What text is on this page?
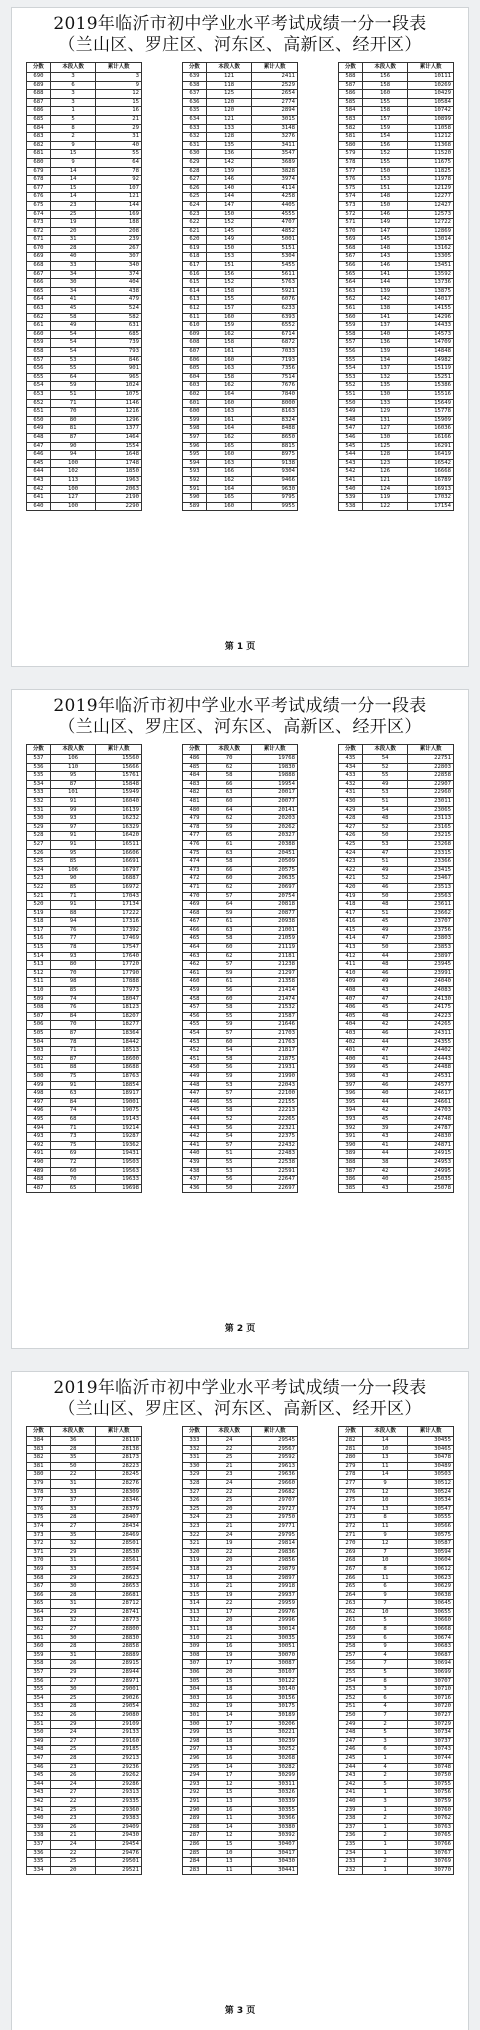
2019年临沂市初中学业水平考试成绩一分一段表
（兰山区、罗庄区、河东区、高新区、经开区）
分数	本段人数	累计人数
690	3	3
689	6	9
688	3	12
687	3	15
686	1	16
685	5	21
684	8	29
683	2	31
682	9	40
681	15	55
680	9	64
679	14	78
678	14	92
677	15	107
676	14	121
675	23	144
674	25	169
673	19	188
672	20	208
671	31	239
670	28	267
669	40	307
668	33	340
667	34	374
666	30	404
665	34	438
664	41	479
663	45	524
662	58	582
661	49	631
660	54	685
659	54	739
658	54	793
657	53	846
656	55	901
655	64	965
654	59	1024
653	51	1075
652	71	1146
651	70	1216
650	80	1296
649	81	1377
648	87	1464
647	90	1554
646	94	1648
645	100	1748
644	102	1850
643	113	1963
642	100	2063
641	127	2190
640	100	2290
分数	本段人数	累计人数
639	121	2411
638	118	2529
637	125	2654
636	120	2774
635	120	2894
634	121	3015
633	133	3148
632	128	3276
631	135	3411
630	136	3547
629	142	3689
628	139	3828
627	146	3974
626	140	4114
625	144	4258
624	147	4405
623	150	4555
622	152	4707
621	145	4852
620	149	5001
619	150	5151
618	153	5304
617	151	5455
616	156	5611
615	152	5763
614	158	5921
613	155	6076
612	157	6233
611	160	6393
610	159	6552
609	162	6714
608	158	6872
607	161	7033
606	160	7193
605	163	7356
604	158	7514
603	162	7676
602	164	7840
601	160	8000
600	163	8163
599	161	8324
598	164	8488
597	162	8650
596	165	8815
595	160	8975
594	163	9138
593	166	9304
592	162	9466
591	164	9630
590	165	9795
589	160	9955
分数	本段人数	累计人数
588	156	10111
587	158	10269
586	160	10429
585	155	10584
584	158	10742
583	157	10899
582	159	11058
581	154	11212
580	156	11368
579	152	11520
578	155	11675
577	150	11825
576	153	11978
575	151	12129
574	148	12277
573	150	12427
572	146	12573
571	149	12722
570	147	12869
569	145	13014
568	148	13162
567	143	13305
566	146	13451
565	141	13592
564	144	13736
563	139	13875
562	142	14017
561	138	14155
560	141	14296
559	137	14433
558	140	14573
557	136	14709
556	139	14848
555	134	14982
554	137	15119
553	132	15251
552	135	15386
551	130	15516
550	133	15649
549	129	15778
548	131	15909
547	127	16036
546	130	16166
545	125	16291
544	128	16419
543	123	16542
542	126	16668
541	121	16789
540	124	16913
539	119	17032
538	122	17154
第 1 页
2019年临沂市初中学业水平考试成绩一分一段表
（兰山区、罗庄区、河东区、高新区、经开区）
分数	本段人数	累计人数
537	106	15560
536	110	15666
535	95	15761
534	87	15848
533	101	15949
532	91	16040
531	99	16139
530	93	16232
529	97	16329
528	91	16420
527	91	16511
526	95	16606
525	85	16691
524	106	16797
523	90	16887
522	85	16972
521	71	17043
520	91	17134
519	88	17222
518	94	17316
517	76	17392
516	77	17469
515	78	17547
514	93	17640
513	80	17720
512	70	17790
511	98	17888
510	85	17973
509	74	18047
508	76	18123
507	84	18207
506	70	18277
505	87	18364
504	78	18442
503	71	18513
502	87	18600
501	88	18688
500	75	18763
499	91	18854
498	63	18917
497	84	19001
496	74	19075
495	68	19143
494	71	19214
493	73	19287
492	75	19362
491	69	19431
490	72	19503
489	60	19563
488	70	19633
487	65	19698
分数	本段人数	累计人数
486	70	19768
485	62	19830
484	58	19888
483	66	19954
482	63	20017
481	60	20077
480	64	20141
479	62	20203
478	59	20262
477	65	20327
476	61	20388
475	63	20451
474	58	20509
473	66	20575
472	60	20635
471	62	20697
470	57	20754
469	64	20818
468	59	20877
467	61	20938
466	63	21001
465	58	21059
464	60	21119
463	62	21181
462	57	21238
461	59	21297
460	61	21358
459	56	21414
458	60	21474
457	58	21532
456	55	21587
455	59	21646
454	57	21703
453	60	21763
452	54	21817
451	58	21875
450	56	21931
449	59	21990
448	53	22043
447	57	22100
446	55	22155
445	58	22213
444	52	22265
443	56	22321
442	54	22375
441	57	22432
440	51	22483
439	55	22538
438	53	22591
437	56	22647
436	50	22697
分数	本段人数	累计人数
435	54	22751
434	52	22803
433	55	22858
432	49	22907
431	53	22960
430	51	23011
429	54	23065
428	48	23113
427	52	23165
426	50	23215
425	53	23268
424	47	23315
423	51	23366
422	49	23415
421	52	23467
420	46	23513
419	50	23563
418	48	23611
417	51	23662
416	45	23707
415	49	23756
414	47	23803
413	50	23853
412	44	23897
411	48	23945
410	46	23991
409	49	24040
408	43	24083
407	47	24130
406	45	24175
405	48	24223
404	42	24265
403	46	24311
402	44	24355
401	47	24402
400	41	24443
399	45	24488
398	43	24531
397	46	24577
396	40	24617
395	44	24661
394	42	24703
393	45	24748
392	39	24787
391	43	24830
390	41	24871
389	44	24915
388	38	24953
387	42	24995
386	40	25035
385	43	25078
第 2 页
2019年临沂市初中学业水平考试成绩一分一段表
（兰山区、罗庄区、河东区、高新区、经开区）
分数	本段人数	累计人数
384	36	28110
383	28	28138
382	35	28173
381	50	28223
380	22	28245
379	31	28276
378	33	28309
377	37	28346
376	33	28379
375	28	28407
374	27	28434
373	35	28469
372	32	28501
371	29	28530
370	31	28561
369	33	28594
368	29	28623
367	30	28653
366	28	28681
365	31	28712
364	29	28741
363	32	28773
362	27	28800
361	30	28830
360	28	28858
359	31	28889
358	26	28915
357	29	28944
356	27	28971
355	30	29001
354	25	29026
353	28	29054
352	26	29080
351	29	29109
350	24	29133
349	27	29160
348	25	29185
347	28	29213
346	23	29236
345	26	29262
344	24	29286
343	27	29313
342	22	29335
341	25	29360
340	23	29383
339	26	29409
338	21	29430
337	24	29454
336	22	29476
335	25	29501
334	20	29521
分数	本段人数	累计人数
333	24	29545
332	22	29567
331	25	29592
330	21	29613
329	23	29636
328	24	29660
327	22	29682
326	25	29707
325	20	29727
324	23	29750
323	21	29771
322	24	29795
321	19	29814
320	22	29836
319	20	29856
318	23	29879
317	18	29897
316	21	29918
315	19	29937
314	22	29959
313	17	29976
312	20	29996
311	18	30014
310	21	30035
309	16	30051
308	19	30070
307	17	30087
306	20	30107
305	15	30122
304	18	30140
303	16	30156
302	19	30175
301	14	30189
300	17	30206
299	15	30221
298	18	30239
297	13	30252
296	16	30268
295	14	30282
294	17	30299
293	12	30311
292	15	30326
291	13	30339
290	16	30355
289	11	30366
288	14	30380
287	12	30392
286	15	30407
285	10	30417
284	13	30430
283	11	30441
分数	本段人数	累计人数
282	14	30455
281	10	30465
280	13	30478
279	11	30489
278	14	30503
277	9	30512
276	12	30524
275	10	30534
274	13	30547
273	8	30555
272	11	30566
271	9	30575
270	12	30587
269	7	30594
268	10	30604
267	8	30612
266	11	30623
265	6	30629
264	9	30638
263	7	30645
262	10	30655
261	5	30660
260	8	30668
259	6	30674
258	9	30683
257	4	30687
256	7	30694
255	5	30699
254	8	30707
253	3	30710
252	6	30716
251	4	30720
250	7	30727
249	2	30729
248	5	30734
247	3	30737
246	6	30743
245	1	30744
244	4	30748
243	2	30750
242	5	30755
241	1	30756
240	3	30759
239	1	30760
238	2	30762
237	1	30763
236	2	30765
235	1	30766
234	1	30767
233	2	30769
232	1	30770
第 3 页
